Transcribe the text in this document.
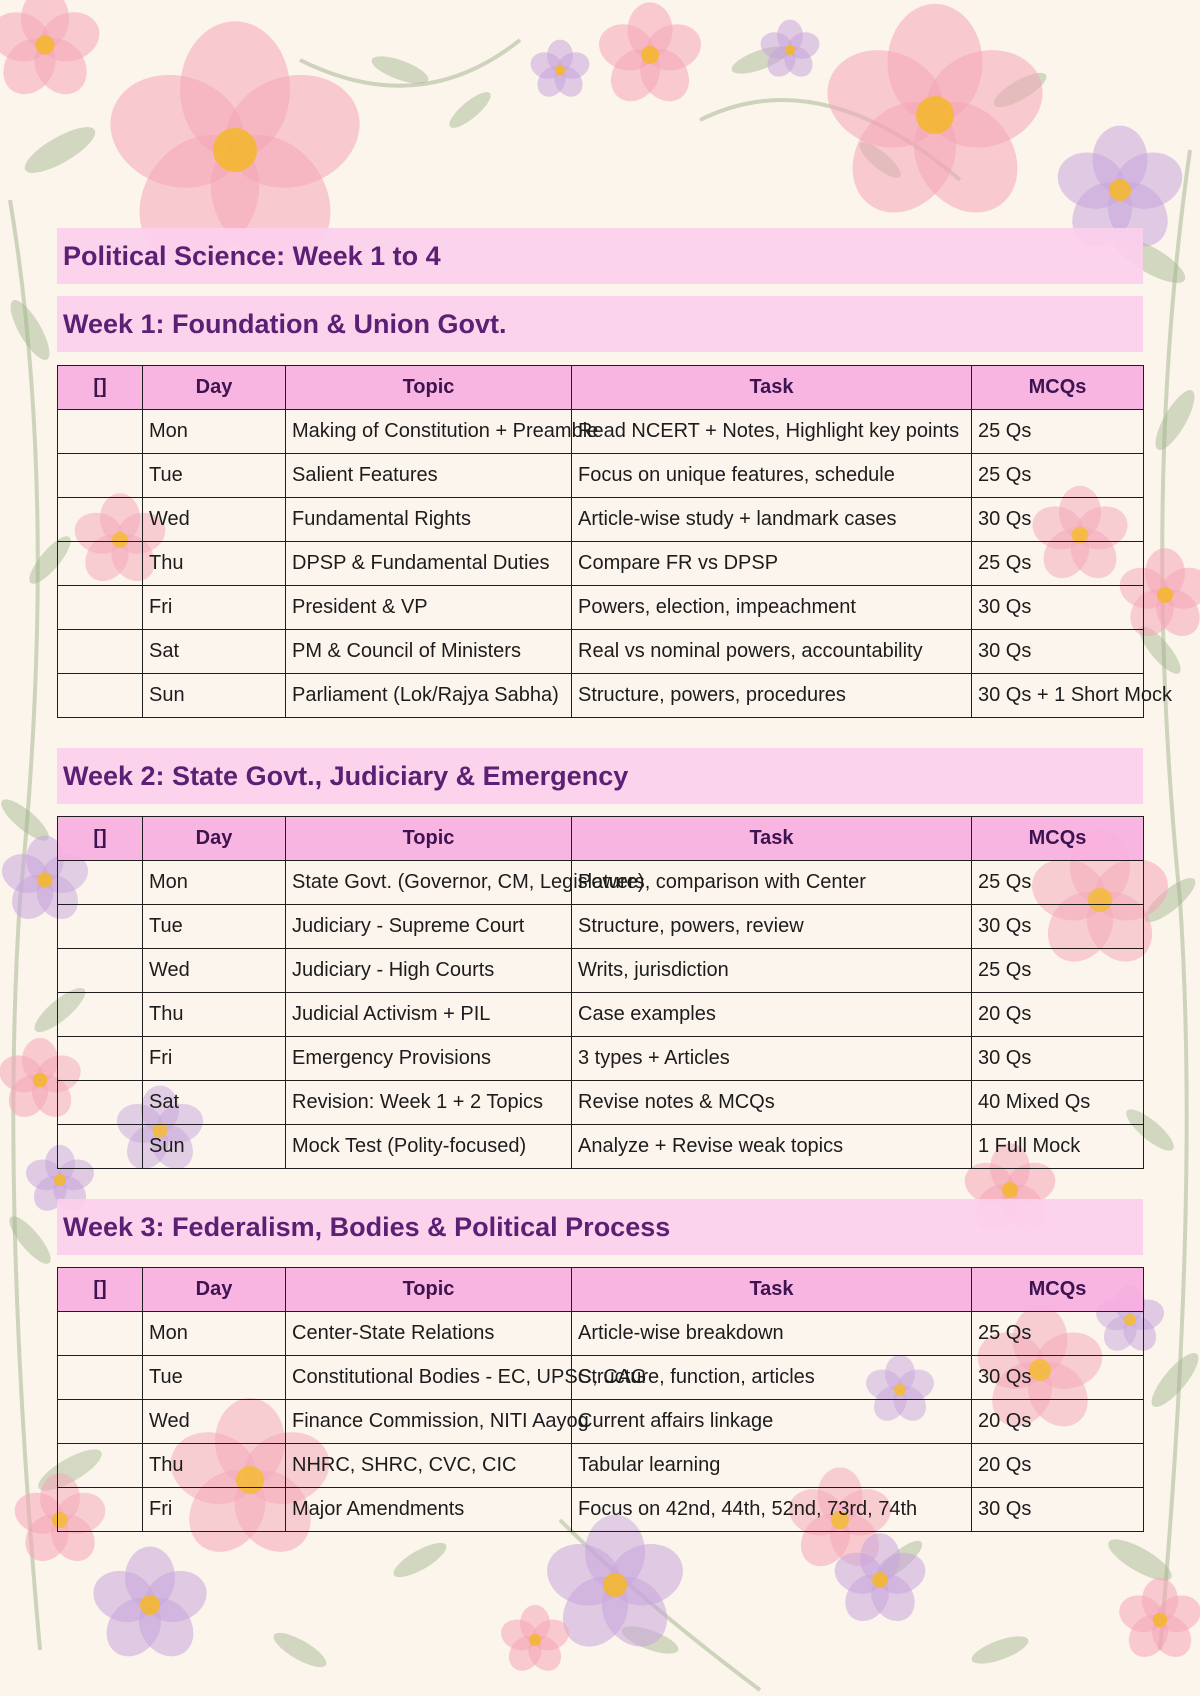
Political Science: Week 1 to 4
Week 1: Foundation & Union Govt.
[]	Day	Topic	Task	MCQs
	Mon	Making of Constitution + Preamble	Read NCERT + Notes, Highlight key points	25 Qs
	Tue	Salient Features	Focus on unique features, schedule	25 Qs
	Wed	Fundamental Rights	Article-wise study + landmark cases	30 Qs
	Thu	DPSP & Fundamental Duties	Compare FR vs DPSP	25 Qs
	Fri	President & VP	Powers, election, impeachment	30 Qs
	Sat	PM & Council of Ministers	Real vs nominal powers, accountability	30 Qs
	Sun	Parliament (Lok/Rajya Sabha)	Structure, powers, procedures	30 Qs + 1 Short Mock
Week 2: State Govt., Judiciary & Emergency
[]	Day	Topic	Task	MCQs
	Mon	State Govt. (Governor, CM, Legislature)	Powers, comparison with Center	25 Qs
	Tue	Judiciary - Supreme Court	Structure, powers, review	30 Qs
	Wed	Judiciary - High Courts	Writs, jurisdiction	25 Qs
	Thu	Judicial Activism + PIL	Case examples	20 Qs
	Fri	Emergency Provisions	3 types + Articles	30 Qs
	Sat	Revision: Week 1 + 2 Topics	Revise notes & MCQs	40 Mixed Qs
	Sun	Mock Test (Polity-focused)	Analyze + Revise weak topics	1 Full Mock
Week 3: Federalism, Bodies & Political Process
[]	Day	Topic	Task	MCQs
	Mon	Center-State Relations	Article-wise breakdown	25 Qs
	Tue	Constitutional Bodies - EC, UPSC, CAG	Structure, function, articles	30 Qs
	Wed	Finance Commission, NITI Aayog	Current affairs linkage	20 Qs
	Thu	NHRC, SHRC, CVC, CIC	Tabular learning	20 Qs
	Fri	Major Amendments	Focus on 42nd, 44th, 52nd, 73rd, 74th	30 Qs
